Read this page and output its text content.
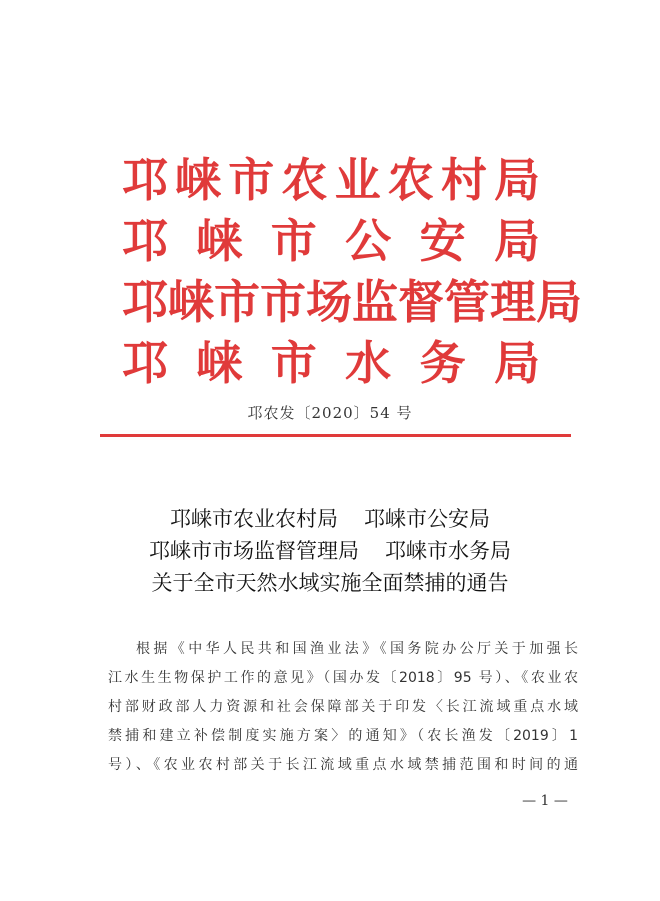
邛 崃 市 农 业 农 村 局
邛 崃 市 公 安 局
邛 崃 市 市 场 监 督 管 理 局
邛 崃 市 水 务 局
邛农发〔2020〕54 号
邛崃市农业农村局 邛崃市公安局
邛崃市市场监督管理局 邛崃市水务局
关于全市天然水域实施全面禁捕的通告
根据《中华人民共和国渔业法》《国务院办公厅关于加强长
江水生生物保护工作的意见》（国办发〔2018〕95 号）、《农业农
村部财政部人力资源和社会保障部关于印发〈长江流域重点水域
禁捕和建立补偿制度实施方案〉的通知》（农长渔发〔2019〕1
号）、《农业农村部关于长江流域重点水域禁捕范围和时间的通
— 1 —
